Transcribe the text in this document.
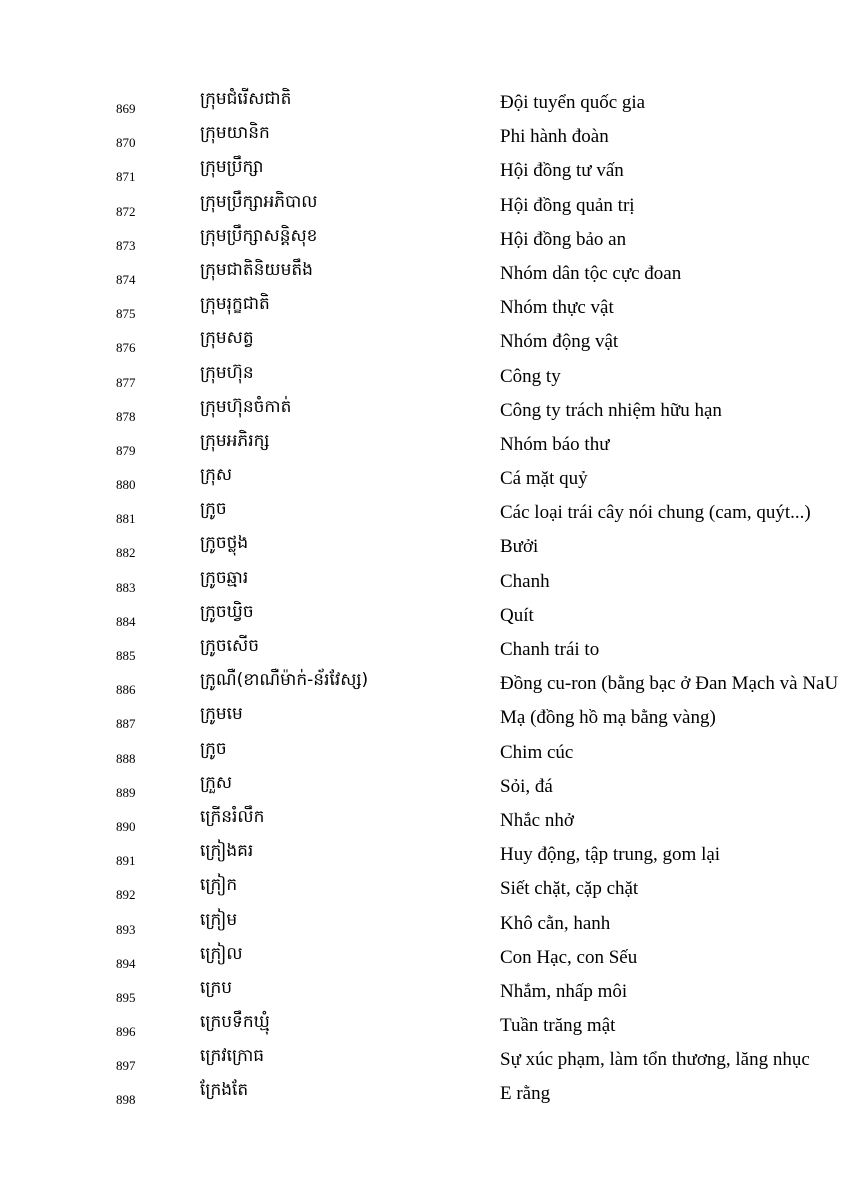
869	ក្រុមជំរើសជាតិ	Đội tuyển quốc gia
870	ក្រុមយានិក	Phi hành đoàn
871	ក្រុមប្រឹក្សា	Hội đồng tư vấn
872	ក្រុមប្រឹក្សាអភិបាល	Hội đồng quản trị
873	ក្រុមប្រឹក្សាសន្តិសុខ	Hội đồng bảo an
874	ក្រុមជាតិនិយមតឹង	Nhóm dân tộc cực đoan
875	ក្រុមរុក្ខជាតិ	Nhóm thực vật
876	ក្រុមសត្វ	Nhóm động vật
877	ក្រុមហ៊ុន	Công ty
878	ក្រុមហ៊ុនចំកាត់	Công ty trách nhiệm hữu hạn
879	ក្រុមអភិរក្ស	Nhóm báo thư
880	ក្រុស	Cá mặt quỷ
881	ក្រូច	Các loại trái cây nói chung (cam, quýt...)
882	ក្រូចថ្លុង	Bưởi
883	ក្រូចឆ្មារ	Chanh
884	ក្រូចឃ្វិច	Quít
885	ក្រូចសើច	Chanh trái to
886	ក្រូណឺ(ខាណឺម៉ាក់-ន័រវែស្ស)	Đồng cu-ron (bằng bạc ở Đan Mạch và NaU
887	ក្រូមមេ	Mạ (đồng hồ mạ bằng vàng)
888	ក្រូច	Chim cúc
889	ក្រួស	Sỏi, đá
890	ក្រើនរំលឹក	Nhắc nhở
891	ក្រៀងគរ	Huy động, tập trung, gom lại
892	ក្រៀក	Siết chặt, cặp chặt
893	ក្រៀម	Khô cằn, hanh
894	ក្រៀល	Con Hạc, con Sếu
895	ក្រេប	Nhắm, nhấp môi
896	ក្រេបទឹកឃ្មុំ	Tuần trăng mật
897	ក្រេវក្រោធ	Sự xúc phạm, làm tổn thương, lăng nhục
898	ក្រែងតែ	E rằng
